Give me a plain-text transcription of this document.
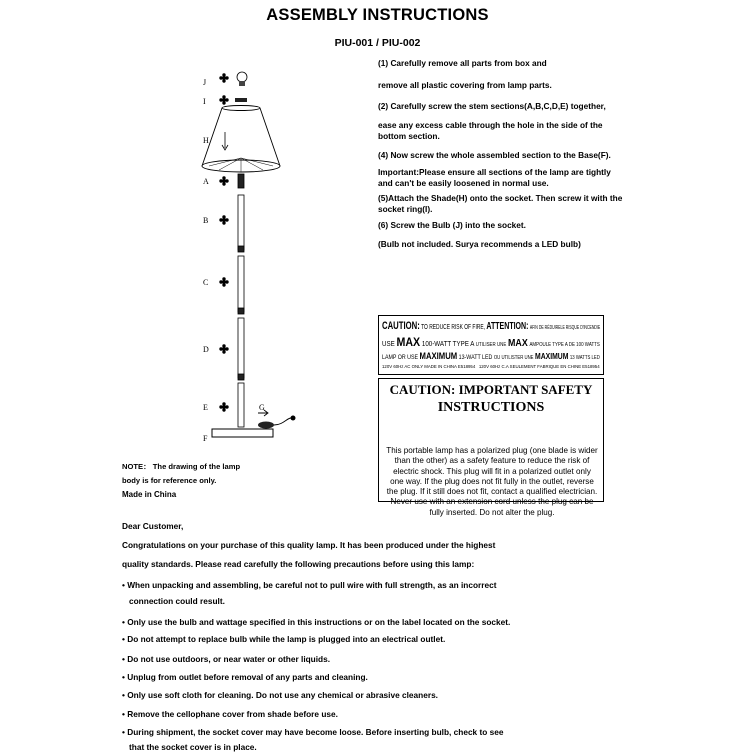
ASSEMBLY INSTRUCTIONS
PIU-001 / PIU-002
J
I
H
A
B
C
D
E	G
F
(1) Carefully remove all parts from box and
remove all plastic covering from lamp parts.
(2) Carefully screw the stem sections(A,B,C,D,E) together,
ease any excess cable through the hole in the side of the bottom section.
(4) Now screw the whole assembled section to the Base(F).
Important:Please ensure all sections of the lamp are tightly and can't be easily loosened in normal use.
(5)Attach the Shade(H) onto the socket. Then screw it with the socket ring(I).
(6) Screw the Bulb (J) into the socket.
(Bulb not included. Surya recommends a LED bulb)
NOTE： The drawing of the lamp
body is for reference only.
Made in China
CAUTION: TO REDUCE RISK OF FIRE, ATTENTION: AFIN DE RÉDUIRELE RISQUE D'INCENDIE
USE MAX 100-WATT TYPE A UTILISER UNE MAX AMPOULE TYPE A DE 100 WATTS
LAMP OR USE MAXIMUM 13-WATT LED OU UTILISTER UNE MAXIMUM 13 WATTS LED
120V 60Hz AC ONLY MADE IN CHINA E518954 120V 60Hz C.A SEULEMENT FABRIQUE EN CHINE E518954
CAUTION: IMPORTANT SAFETY
INSTRUCTIONS
This portable lamp has a polarized plug (one blade is wider than the other) as a safety feature to reduce the risk of electric shock. This plug will fit in a polarized outlet only one way. If the plug does not fit fully in the outlet, reverse the plug. If it still does not fit, contact a qualified electrician. Never use with an extension cord unless the plug can be fully inserted. Do not alter the plug.
Dear Customer,
Congratulations on your purchase of this quality lamp. It has been produced under the highest
quality standards. Please read carefully the following precautions before using this lamp:
• When unpacking and assembling, be careful not to pull wire with full strength, as an incorrect
connection could result.
• Only use the bulb and wattage specified in this instructions or on the label located on the socket.
• Do not attempt to replace bulb while the lamp is plugged into an electrical outlet.
• Do not use outdoors, or near water or other liquids.
• Unplug from outlet before removal of any parts and cleaning.
• Only use soft cloth for cleaning. Do not use any chemical or abrasive cleaners.
• Remove the cellophane cover from shade before use.
• During shipment, the socket cover may have become loose. Before inserting bulb, check to see
that the socket cover is in place.
